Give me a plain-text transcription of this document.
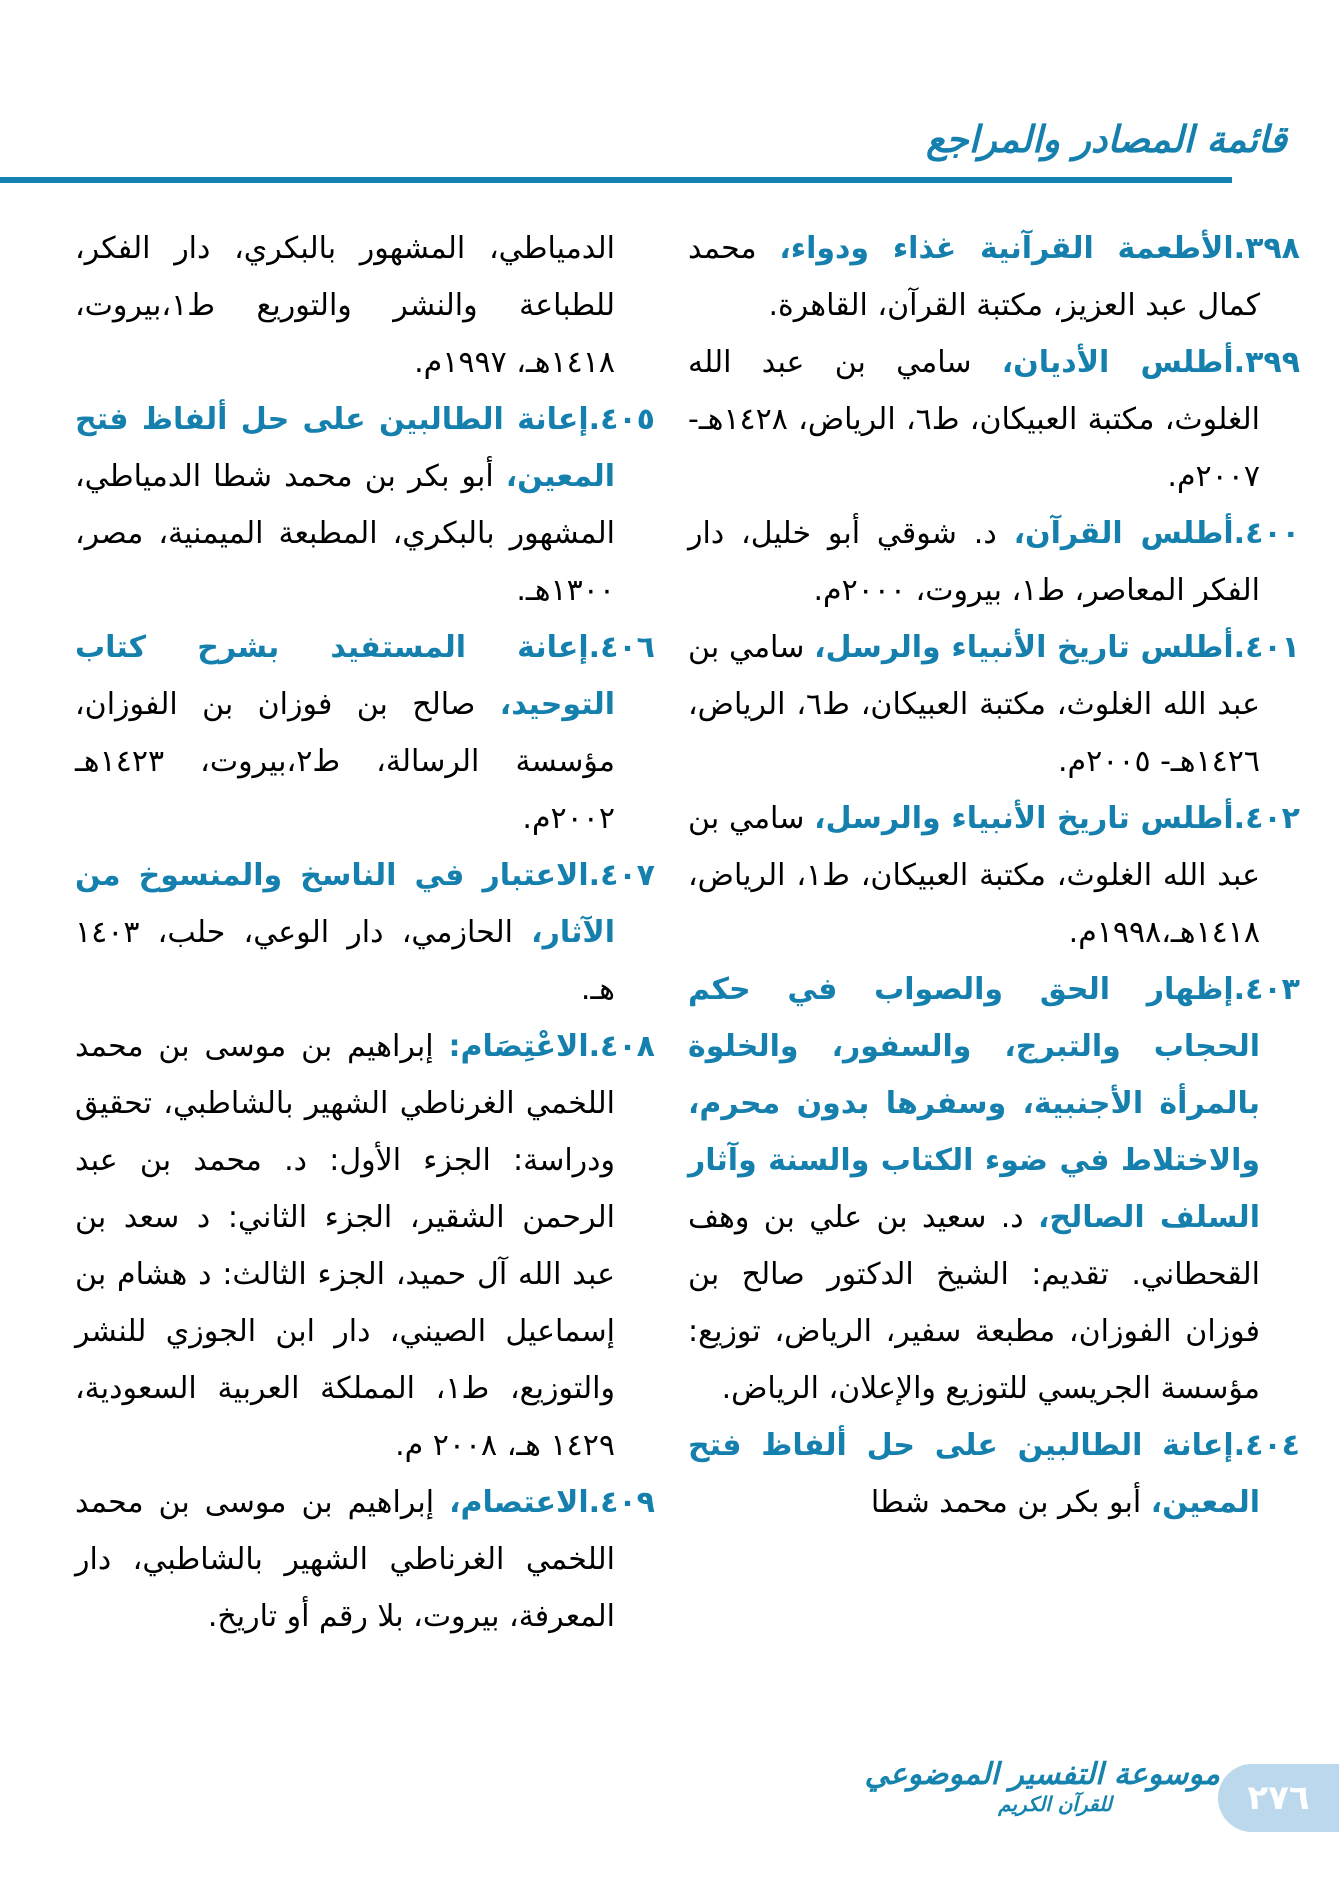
قائمة المصادر والمراجع

٣٩٨.الأطعمة القرآنية غذاء ودواء، محمد كمال عبد العزيز، مكتبة القرآن، القاهرة.

٣٩٩.أطلس الأديان، سامي بن عبد الله الغلوث، مكتبة العبيكان، ط٦، الرياض، ١٤٢٨هـ- ٢٠٠٧م.

٤٠٠.أطلس القرآن، د. شوقي أبو خليل، دار الفكر المعاصر، ط١، بيروت، ٢٠٠٠م.

٤٠١.أطلس تاريخ الأنبياء والرسل، سامي بن عبد الله الغلوث، مكتبة العبيكان، ط٦، الرياض، ١٤٢٦هـ- ٢٠٠٥م.

٤٠٢.أطلس تاريخ الأنبياء والرسل، سامي بن عبد الله الغلوث، مكتبة العبيكان، ط١، الرياض، ١٤١٨هـ،١٩٩٨م.

٤٠٣.إظهار الحق والصواب في حكم الحجاب والتبرج، والسفور، والخلوة بالمرأة الأجنبية، وسفرها بدون محرم، والاختلاط في ضوء الكتاب والسنة وآثار السلف الصالح، د. سعيد بن علي بن وهف القحطاني. تقديم: الشيخ الدكتور صالح بن فوزان الفوزان، مطبعة سفير، الرياض، توزيع: مؤسسة الجريسي للتوزيع والإعلان، الرياض.

٤٠٤.إعانة الطالبين على حل ألفاظ فتح المعين، أبو بكر بن محمد شطا

الدمياطي، المشهور بالبكري، دار الفكر، للطباعة والنشر والتوريع ط١،بيروت، ١٤١٨هـ، ١٩٩٧م.

٤٠٥.إعانة الطالبين على حل ألفاظ فتح المعين، أبو بكر بن محمد شطا الدمياطي، المشهور بالبكري، المطبعة الميمنية، مصر، ١٣٠٠هـ.

٤٠٦.إعانة المستفيد بشرح كتاب التوحيد، صالح بن فوزان بن الفوزان، مؤسسة الرسالة، ط٢،بيروت، ١٤٢٣هـ ٢٠٠٢م.

٤٠٧.الاعتبار في الناسخ والمنسوخ من الآثار، الحازمي، دار الوعي، حلب، ١٤٠٣ هـ.

٤٠٨.الاعْتِصَام: إبراهيم بن موسى بن محمد اللخمي الغرناطي الشهير بالشاطبي، تحقيق ودراسة: الجزء الأول: د. محمد بن عبد الرحمن الشقير، الجزء الثاني: د سعد بن عبد الله آل حميد، الجزء الثالث: د هشام بن إسماعيل الصيني، دار ابن الجوزي للنشر والتوزيع، ط١، المملكة العربية السعودية، ١٤٢٩ هـ، ٢٠٠٨ م.

٤٠٩.الاعتصام، إبراهيم بن موسى بن محمد اللخمي الغرناطي الشهير بالشاطبي، دار المعرفة، بيروت، بلا رقم أو تاريخ.

موسوعة التفسير الموضوعي
للقرآن الكريم	٢٧٦
